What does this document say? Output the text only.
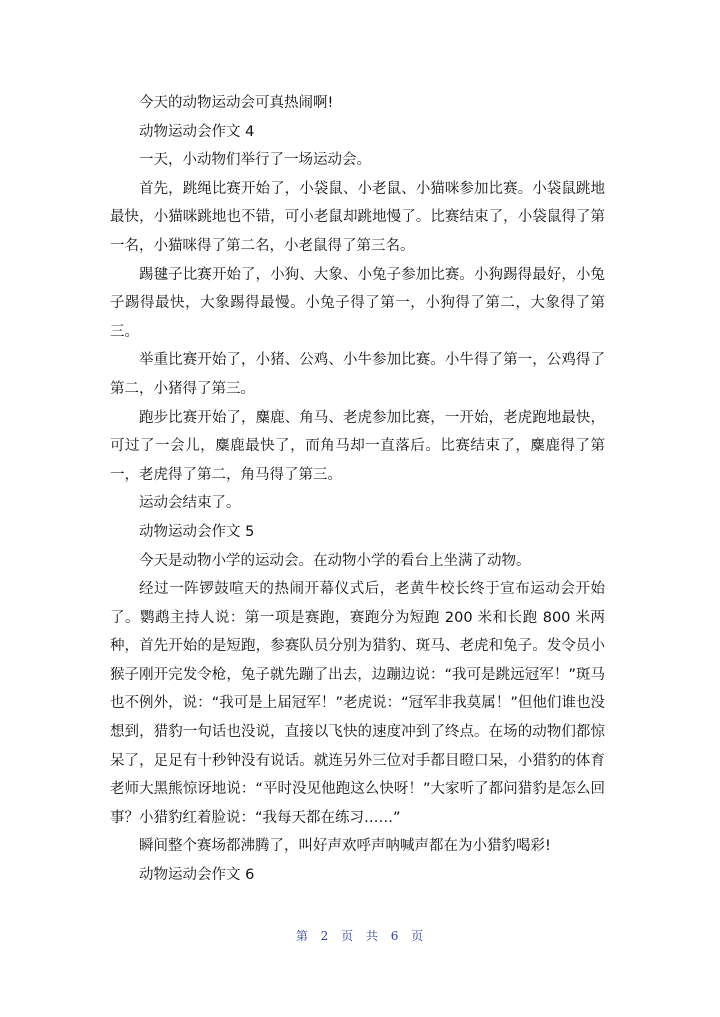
今天的动物运动会可真热闹啊!

动物运动会作文 4

一天，小动物们举行了一场运动会。

首先，跳绳比赛开始了，小袋鼠、小老鼠、小猫咪参加比赛。小袋鼠跳地最快，小猫咪跳地也不错，可小老鼠却跳地慢了。比赛结束了，小袋鼠得了第一名，小猫咪得了第二名，小老鼠得了第三名。

踢毽子比赛开始了，小狗、大象、小兔子参加比赛。小狗踢得最好，小兔子踢得最快，大象踢得最慢。小兔子得了第一，小狗得了第二，大象得了第三。

举重比赛开始了，小猪、公鸡、小牛参加比赛。小牛得了第一，公鸡得了第二，小猪得了第三。

跑步比赛开始了，麋鹿、角马、老虎参加比赛，一开始，老虎跑地最快，可过了一会儿，麋鹿最快了，而角马却一直落后。比赛结束了，麋鹿得了第一，老虎得了第二，角马得了第三。

运动会结束了。

动物运动会作文 5

今天是动物小学的运动会。在动物小学的看台上坐满了动物。

经过一阵锣鼓喧天的热闹开幕仪式后，老黄牛校长终于宣布运动会开始了。鹦鹉主持人说：第一项是赛跑，赛跑分为短跑 200 米和长跑 800 米两种，首先开始的是短跑，参赛队员分别为猎豹、斑马、老虎和兔子。发令员小猴子刚开完发令枪，兔子就先蹦了出去，边蹦边说：“我可是跳远冠军！”斑马也不例外，说：“我可是上届冠军！”老虎说：“冠军非我莫属！”但他们谁也没想到，猎豹一句话也没说，直接以飞快的速度冲到了终点。在场的动物们都惊呆了，足足有十秒钟没有说话。就连另外三位对手都目瞪口呆，小猎豹的体育老师大黑熊惊讶地说：“平时没见他跑这么快呀！”大家听了都问猎豹是怎么回事？小猎豹红着脸说：“我每天都在练习……”

瞬间整个赛场都沸腾了，叫好声欢呼声呐喊声都在为小猎豹喝彩!

动物运动会作文 6

第 2 页 共 6 页
